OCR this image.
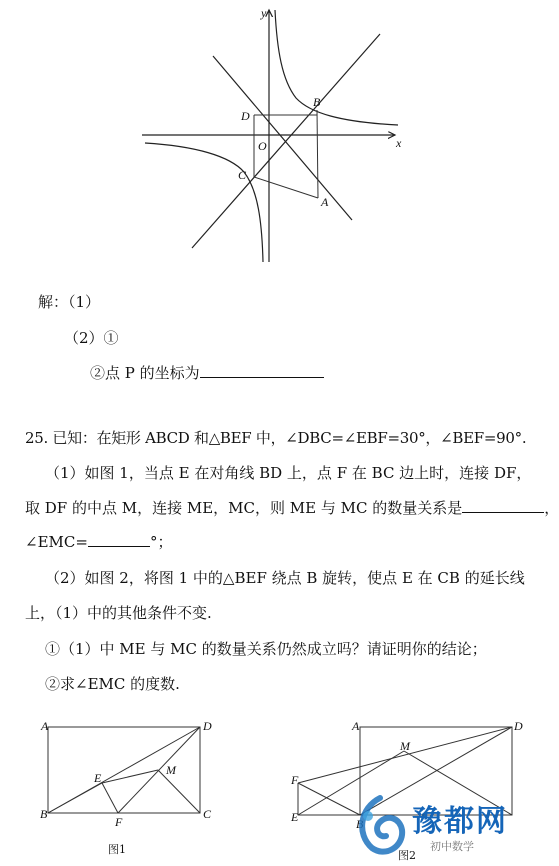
y
x
O
B
D
C
A
解：（1）
（2）①
②点 P 的坐标为
25. 已知：在矩形 ABCD 和△BEF 中，∠DBC=∠EBF=30°，∠BEF=90°.
（1）如图 1，当点 E 在对角线 BD 上，点 F 在 BC 边上时，连接 DF，
取 DF 的中点 M，连接 ME，MC，则 ME 与 MC 的数量关系是	，
∠EMC=	°；
（2）如图 2，将图 1 中的△BEF 绕点 B 旋转，使点 E 在 CB 的延长线
上，（1）中的其他条件不变.
①（1）中 ME 与 MC 的数量关系仍然成立吗？请证明你的结论；
②求∠EMC 的度数.
A	D
B	C
E
M
F
图1
A	D
M
F
E	B
图2
豫都网
初中数学
